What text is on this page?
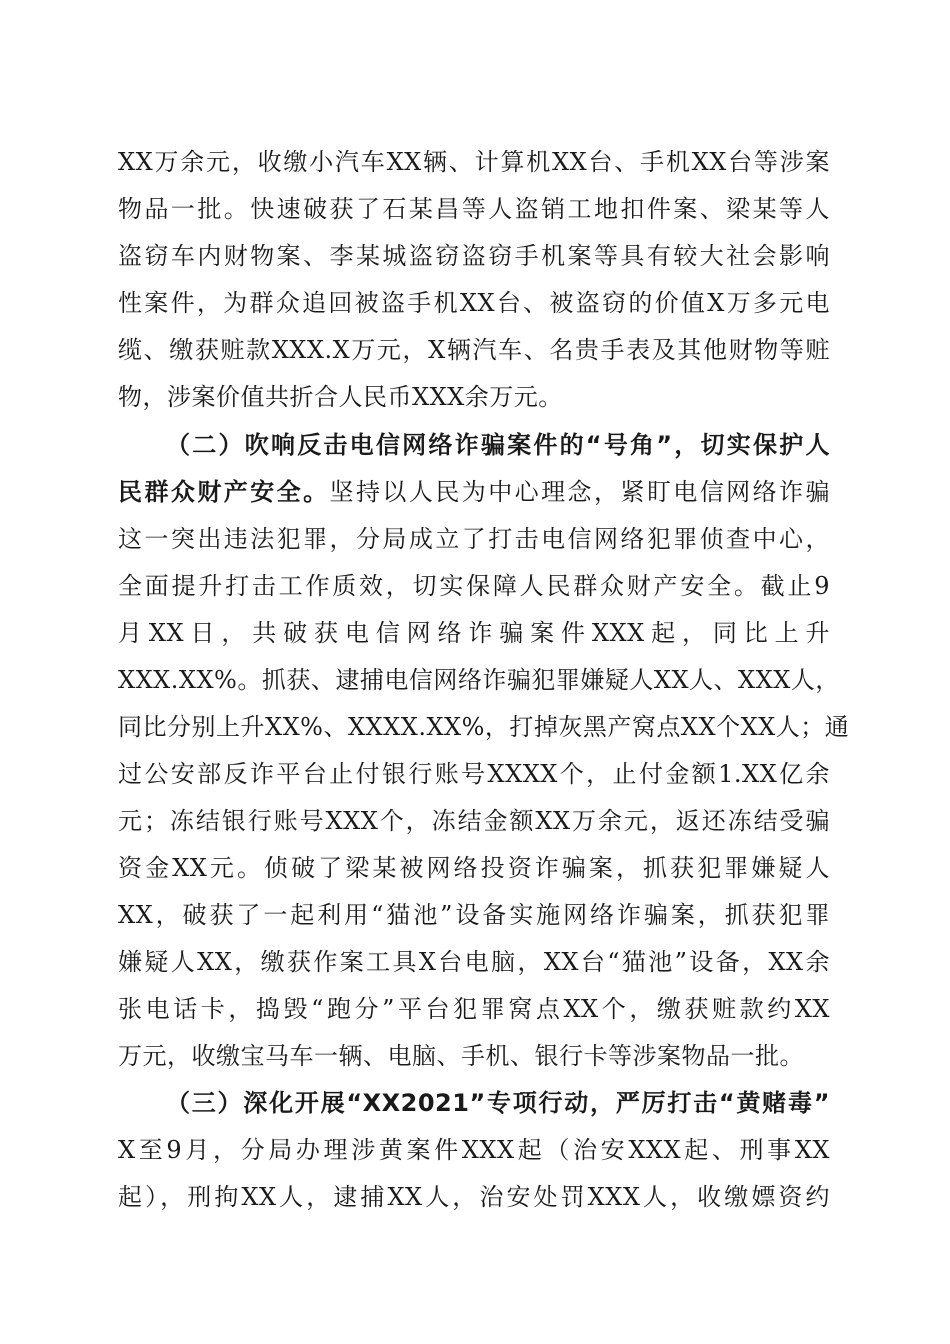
XX万余元，收缴小汽车XX辆、计算机XX台、手机XX台等涉案
物品一批。快速破获了石某昌等人盗销工地扣件案、梁某等人
盗窃车内财物案、李某城盗窃盗窃手机案等具有较大社会影响
性案件，为群众追回被盗手机XX台、被盗窃的价值X万多元电
缆、缴获赃款XXX.X万元，X辆汽车、名贵手表及其他财物等赃
物，涉案价值共折合人民币XXX余万元。
（二）吹响反击电信网络诈骗案件的“号角”，切实保护人
民群众财产安全。坚持以人民为中心理念，紧盯电信网络诈骗
这一突出违法犯罪，分局成立了打击电信网络犯罪侦查中心，
全面提升打击工作质效，切实保障人民群众财产安全。截止9
月XX日，共破获电信网络诈骗案件XXX起，同比上升
XXX.XX%。抓获、逮捕电信网络诈骗犯罪嫌疑人XX人、XXX人，
同比分别上升XX%、XXXX.XX%，打掉灰黑产窝点XX个XX人；通
过公安部反诈平台止付银行账号XXXX个，止付金额1.XX亿余
元；冻结银行账号XXX个，冻结金额XX万余元，返还冻结受骗
资金XX元。侦破了梁某被网络投资诈骗案，抓获犯罪嫌疑人
XX，破获了一起利用“猫池”设备实施网络诈骗案，抓获犯罪
嫌疑人XX，缴获作案工具X台电脑，XX台“猫池”设备，XX余
张电话卡，捣毁“跑分”平台犯罪窝点XX个，缴获赃款约XX
万元，收缴宝马车一辆、电脑、手机、银行卡等涉案物品一批。
（三）深化开展“XX2021”专项行动，严厉打击“黄赌毒”
X至9月，分局办理涉黄案件XXX起（治安XXX起、刑事XX
起），刑拘XX人，逮捕XX人，治安处罚XXX人，收缴嫖资约
